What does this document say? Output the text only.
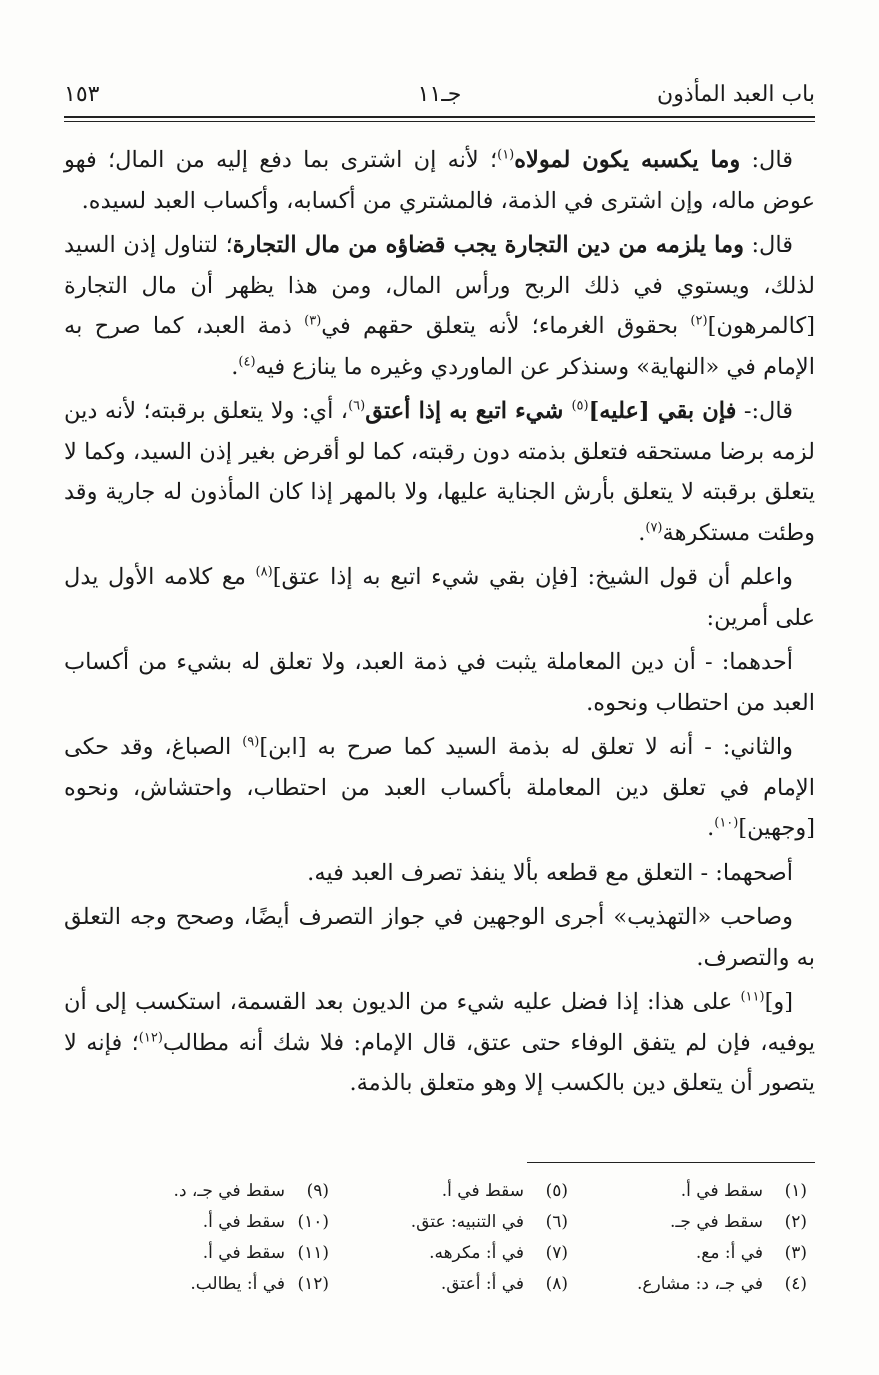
باب العبد المأذون
جـ١١
١٥٣

قال: وما يكسبه يكون لمولاه$^{(١)}$؛ لأنه إن اشترى بما دفع إليه من المال؛ فهو عوض ماله، وإن اشترى في الذمة، فالمشتري من أكسابه، وأكساب العبد لسيده.

قال: وما يلزمه من دين التجارة يجب قضاؤه من مال التجارة؛ لتناول إذن السيد لذلك، ويستوي في ذلك الربح ورأس المال، ومن هذا يظهر أن مال التجارة [كالمرهون]$^{(٢)}$ بحقوق الغرماء؛ لأنه يتعلق حقهم في$^{(٣)}$ ذمة العبد، كما صرح به الإمام في «النهاية» وسنذكر عن الماوردي وغيره ما ينازع فيه$^{(٤)}$.

قال:- فإن بقي [عليه]$^{(٥)}$ شيء اتبع به إذا أعتق$^{(٦)}$، أي: ولا يتعلق برقبته؛ لأنه دين لزمه برضا مستحقه فتعلق بذمته دون رقبته، كما لو أقرض بغير إذن السيد، وكما لا يتعلق برقبته لا يتعلق بأرش الجناية عليها، ولا بالمهر إذا كان المأذون له جارية وقد وطئت مستكرهة$^{(٧)}$.

واعلم أن قول الشيخ: [فإن بقي شيء اتبع به إذا عتق]$^{(٨)}$ مع كلامه الأول يدل على أمرين:

أحدهما: - أن دين المعاملة يثبت في ذمة العبد، ولا تعلق له بشيء من أكساب العبد من احتطاب ونحوه.

والثاني: - أنه لا تعلق له بذمة السيد كما صرح به [ابن]$^{(٩)}$ الصباغ، وقد حكى الإمام في تعلق دين المعاملة بأكساب العبد من احتطاب، واحتشاش، ونحوه [وجهين]$^{(١٠)}$.

أصحهما: - التعلق مع قطعه بألا ينفذ تصرف العبد فيه.

وصاحب «التهذيب» أجرى الوجهين في جواز التصرف أيضًا، وصحح وجه التعلق به والتصرف.

[و]$^{(١١)}$ على هذا: إذا فضل عليه شيء من الديون بعد القسمة، استكسب إلى أن يوفيه، فإن لم يتفق الوفاء حتى عتق، قال الإمام: فلا شك أنه مطالب$^{(١٢)}$؛ فإنه لا يتصور أن يتعلق دين بالكسب إلا وهو متعلق بالذمة.

(١)سقط في أ.
(٢)سقط في جـ.
(٣)في أ: مع.
(٤)في جـ، د: مشارع.
(٥)سقط في أ.
(٦)في التنبيه: عتق.
(٧)في أ: مكرهه.
(٨)في أ: أعتق.
(٩)سقط في جـ، د.
(١٠)سقط في أ.
(١١)سقط في أ.
(١٢)في أ: يطالب.
